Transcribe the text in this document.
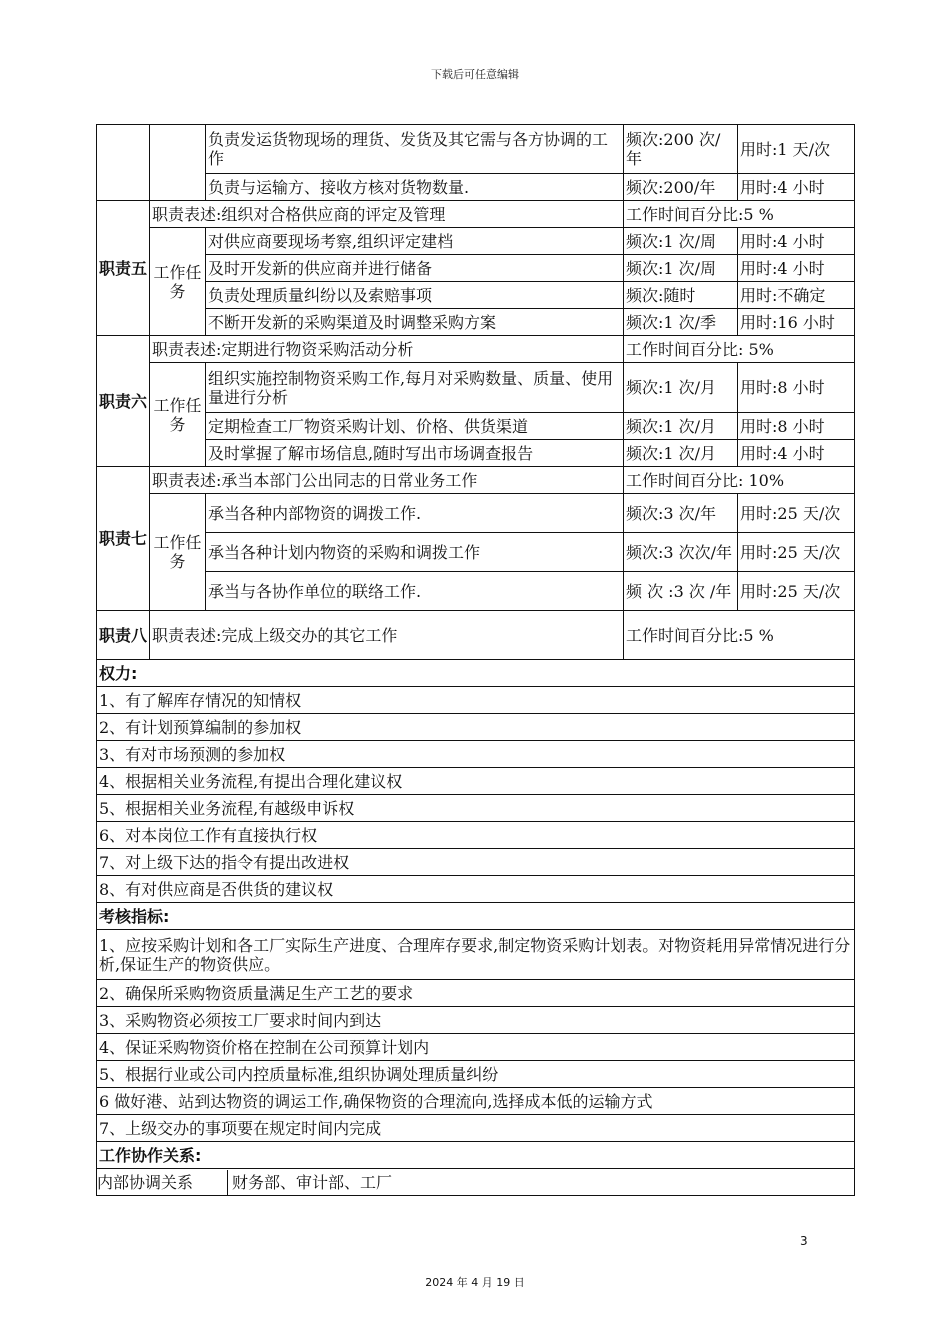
下载后可任意编辑
		负责发运货物现场的理货、发货及其它需与各方协调的工作	频次:200 次/年	用时:1 天/次
		负责与运输方、接收方核对货物数量.	频次:200/年	用时:4 小时
职责五	职责表述:组织对合格供应商的评定及管理		工作时间百分比:5 %	
	工作任务	对供应商要现场考察,组织评定建档	频次:1 次/周	用时:4 小时
		及时开发新的供应商并进行储备	频次:1 次/周	用时:4 小时
		负责处理质量纠纷以及索赔事项	频次:随时	用时:不确定
		不断开发新的采购渠道及时调整采购方案	频次:1 次/季	用时:16 小时
职责六	职责表述:定期进行物资采购活动分析		工作时间百分比: 5%	
	工作任务	组织实施控制物资采购工作,每月对采购数量、质量、使用量进行分析	频次:1 次/月	用时:8 小时
		定期检查工厂物资采购计划、价格、供货渠道	频次:1 次/月	用时:8 小时
		及时掌握了解市场信息,随时写出市场调查报告	频次:1 次/月	用时:4 小时
职责七	职责表述:承当本部门公出同志的日常业务工作		工作时间百分比: 10%	
	工作任务	承当各种内部物资的调拨工作.	频次:3 次/年	用时:25 天/次
		承当各种计划内物资的采购和调拨工作	频次:3 次次/年	用时:25 天/次
		承当与各协作单位的联络工作.	频 次 :3 次 /年	用时:25 天/次
职责八	职责表述:完成上级交办的其它工作		工作时间百分比:5 %	
权力:				
1、有了解库存情况的知情权				
2、有计划预算编制的参加权				
3、有对市场预测的参加权				
4、根据相关业务流程,有提出合理化建议权				
5、根据相关业务流程,有越级申诉权				
6、对本岗位工作有直接执行权				
7、对上级下达的指令有提出改进权				
8、有对供应商是否供货的建议权				
考核指标:				
1、应按采购计划和各工厂实际生产进度、合理库存要求,制定物资采购计划表。对物资耗用异常情况进行分析,保证生产的物资供应。				
2、确保所采购物资质量满足生产工艺的要求				
3、采购物资必须按工厂要求时间内到达				
4、保证采购物资价格在控制在公司预算计划内				
5、根据行业或公司内控质量标准,组织协调处理质量纠纷				
6 做好港、站到达物资的调运工作,确保物资的合理流向,选择成本低的运输方式				
7、上级交办的事项要在规定时间内完成				
工作协作关系:				

内部协调关系 财务部、审计部、工厂				
3
2024 年 4 月 19 日
